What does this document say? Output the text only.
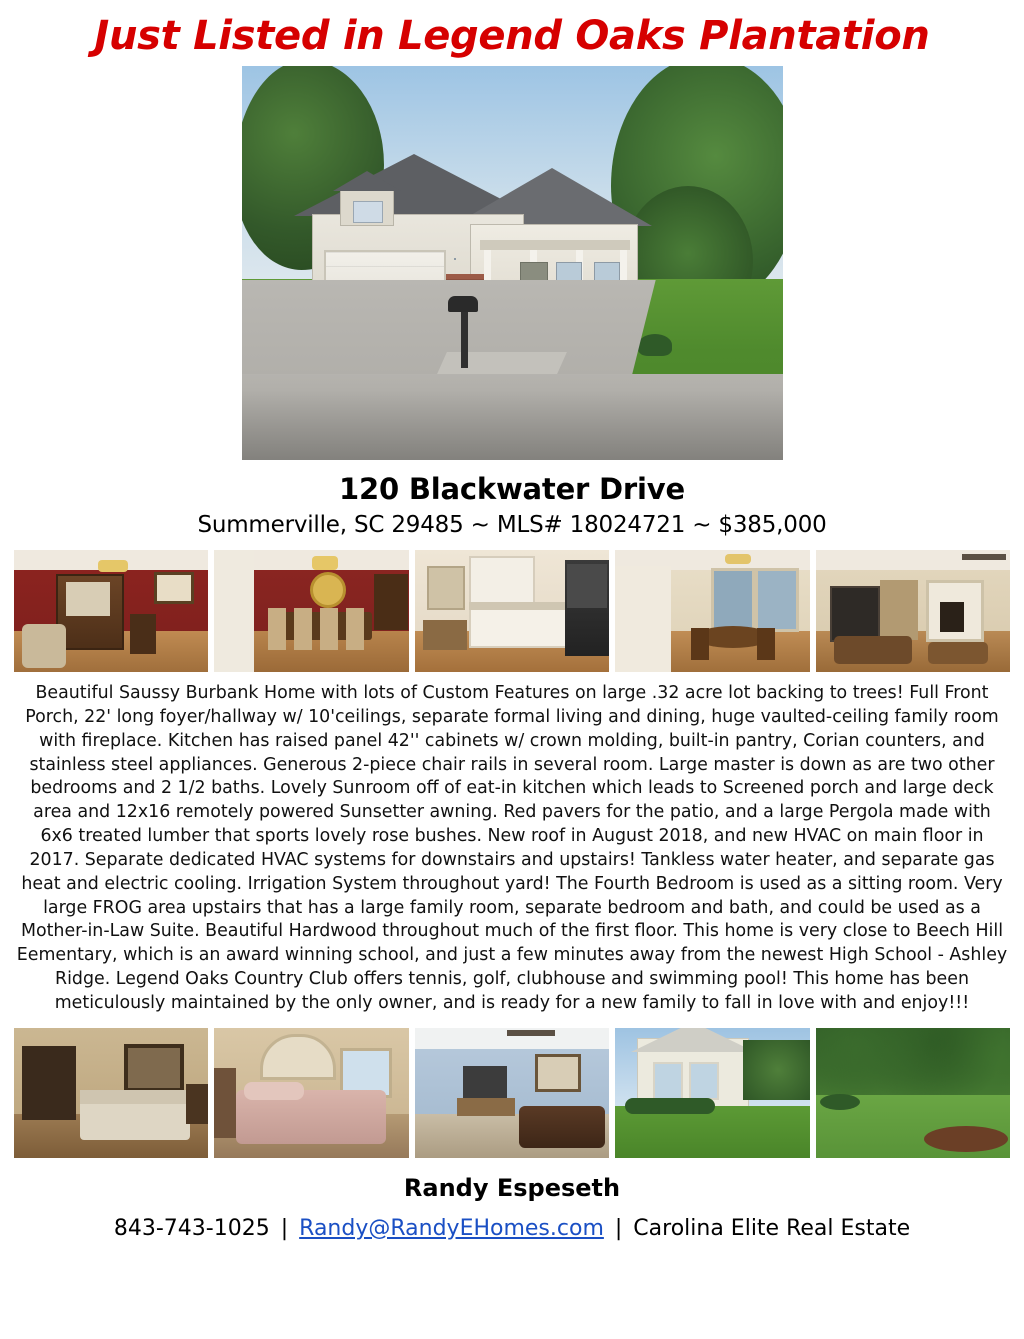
Just Listed in Legend Oaks Plantation
120 Blackwater Drive
Summerville, SC 29485 ~ MLS# 18024721 ~ $385,000
Beautiful Saussy Burbank Home with lots of Custom Features on large .32 acre lot backing to trees! Full Front Porch, 22' long foyer/hallway w/ 10'ceilings, separate formal living and dining, huge vaulted-ceiling family room with fireplace. Kitchen has raised panel 42'' cabinets w/ crown molding, built-in pantry, Corian counters, and stainless steel appliances. Generous 2-piece chair rails in several room. Large master is down as are two other bedrooms and 2 1/2 baths. Lovely Sunroom off of eat-in kitchen which leads to Screened porch and large deck area and 12x16 remotely powered Sunsetter awning. Red pavers for the patio, and a large Pergola made with 6x6 treated lumber that sports lovely rose bushes. New roof in August 2018, and new HVAC on main floor in 2017. Separate dedicated HVAC systems for downstairs and upstairs! Tankless water heater, and separate gas heat and electric cooling. Irrigation System throughout yard! The Fourth Bedroom is used as a sitting room. Very large FROG area upstairs that has a large family room, separate bedroom and bath, and could be used as a Mother-in-Law Suite. Beautiful Hardwood throughout much of the first floor. This home is very close to Beech Hill Eementary, which is an award winning school, and just a few minutes away from the newest High School - Ashley Ridge. Legend Oaks Country Club offers tennis, golf, clubhouse and swimming pool! This home has been meticulously maintained by the only owner, and is ready for a new family to fall in love with and enjoy!!!
Randy Espeseth
843-743-1025 | Randy@RandyEHomes.com | Carolina Elite Real Estate
